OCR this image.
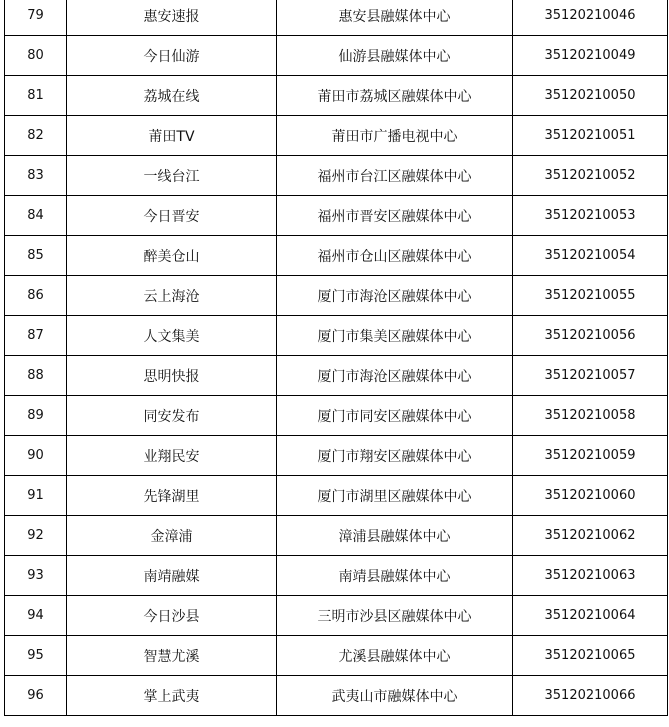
79	惠安速报	惠安县融媒体中心	35120210046
80	今日仙游	仙游县融媒体中心	35120210049
81	荔城在线	莆田市荔城区融媒体中心	35120210050
82	莆田TV	莆田市广播电视中心	35120210051
83	一线台江	福州市台江区融媒体中心	35120210052
84	今日晋安	福州市晋安区融媒体中心	35120210053
85	醉美仓山	福州市仓山区融媒体中心	35120210054
86	云上海沧	厦门市海沧区融媒体中心	35120210055
87	人文集美	厦门市集美区融媒体中心	35120210056
88	思明快报	厦门市海沧区融媒体中心	35120210057
89	同安发布	厦门市同安区融媒体中心	35120210058
90	业翔民安	厦门市翔安区融媒体中心	35120210059
91	先锋湖里	厦门市湖里区融媒体中心	35120210060
92	金漳浦	漳浦县融媒体中心	35120210062
93	南靖融媒	南靖县融媒体中心	35120210063
94	今日沙县	三明市沙县区融媒体中心	35120210064
95	智慧尤溪	尤溪县融媒体中心	35120210065
96	掌上武夷	武夷山市融媒体中心	35120210066
